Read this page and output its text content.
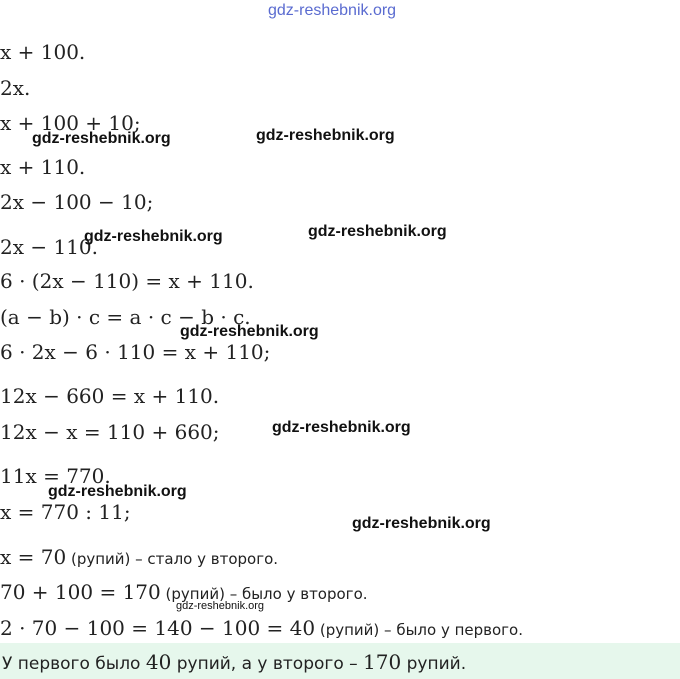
gdz-reshebnik.org
x + 100.
2x.
x + 100 + 10;
x + 110.
2x − 100 − 10;
2x − 110.
6 · (2x − 110) = x + 110.
(a − b) · c = a · c − b · c.
6 · 2x − 6 · 110 = x + 110;
12x − 660 = x + 110.
12x − x = 110 + 660;
11x = 770.
x = 770 : 11;
x = 70 (рупий) – стало у второго.
70 + 100 = 170 (рупий) – было у второго.
2 · 70 − 100 = 140 − 100 = 40 (рупий) – было у первого.
gdz-reshebnik.org	gdz-reshebnik.org
gdz-reshebnik.org	gdz-reshebnik.org
gdz-reshebnik.org
gdz-reshebnik.org
gdz-reshebnik.org
gdz-reshebnik.org
gdz-reshebnik.org
У первого было 40 рупий, а у второго – 170 рупий.
